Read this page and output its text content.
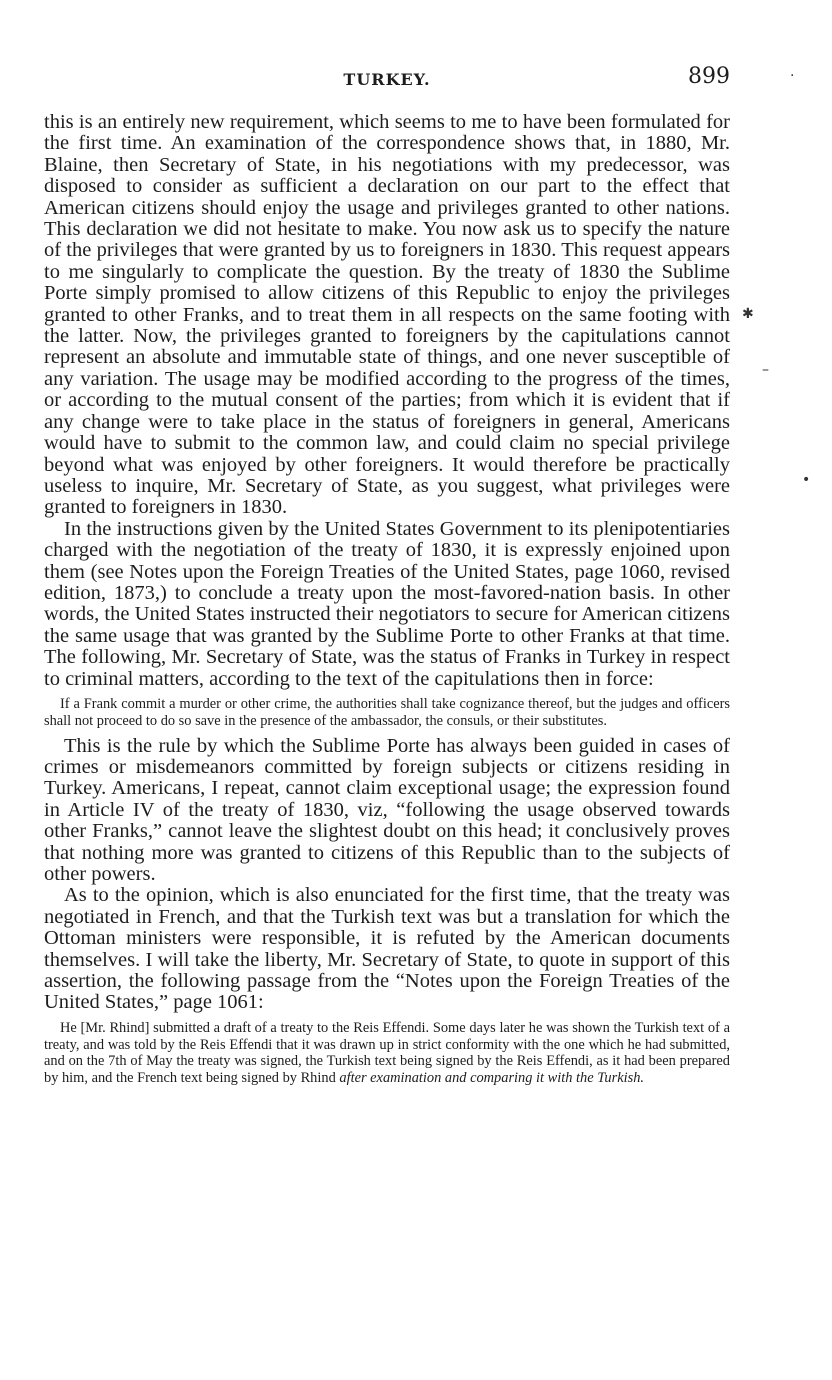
TURKEY.	899

this is an entirely new requirement, which seems to me to have been formulated for the first time. An examination of the correspondence shows that, in 1880, Mr. Blaine, then Secretary of State, in his negotiations with my predecessor, was disposed to consider as sufficient a declaration on our part to the effect that American citizens should enjoy the usage and privileges granted to other nations. This declaration we did not hesitate to make. You now ask us to specify the nature of the privileges that were granted by us to foreigners in 1830. This request appears to me singularly to complicate the question. By the treaty of 1830 the Sublime Porte simply promised to allow citizens of this Republic to enjoy the privileges granted to other Franks, and to treat them in all respects on the same footing with the latter. Now, the privileges granted to foreigners by the capitulations cannot represent an absolute and immutable state of things, and one never susceptible of any variation. The usage may be modified according to the progress of the times, or according to the mutual consent of the parties; from which it is evident that if any change were to take place in the status of foreigners in general, Americans would have to submit to the common law, and could claim no special privilege beyond what was enjoyed by other foreigners. It would therefore be practically useless to inquire, Mr. Secretary of State, as you suggest, what privileges were granted to foreigners in 1830.

In the instructions given by the United States Government to its plenipotentiaries charged with the negotiation of the treaty of 1830, it is expressly enjoined upon them (see Notes upon the Foreign Treaties of the United States, page 1060, revised edition, 1873,) to conclude a treaty upon the most-favored-nation basis. In other words, the United States instructed their negotiators to secure for American citizens the same usage that was granted by the Sublime Porte to other Franks at that time. The following, Mr. Secretary of State, was the status of Franks in Turkey in respect to criminal matters, according to the text of the capitulations then in force:

If a Frank commit a murder or other crime, the authorities shall take cognizance thereof, but the judges and officers shall not proceed to do so save in the presence of the ambassador, the consuls, or their substitutes.

This is the rule by which the Sublime Porte has always been guided in cases of crimes or misdemeanors committed by foreign subjects or citizens residing in Turkey. Americans, I repeat, cannot claim exceptional usage; the expression found in Article IV of the treaty of 1830, viz, “following the usage observed towards other Franks,” cannot leave the slightest doubt on this head; it conclusively proves that nothing more was granted to citizens of this Republic than to the subjects of other powers.

As to the opinion, which is also enunciated for the first time, that the treaty was negotiated in French, and that the Turkish text was but a translation for which the Ottoman ministers were responsible, it is refuted by the American documents themselves. I will take the liberty, Mr. Secretary of State, to quote in support of this assertion, the following passage from the “Notes upon the Foreign Treaties of the United States,” page 1061:

He [Mr. Rhind] submitted a draft of a treaty to the Reis Effendi. Some days later he was shown the Turkish text of a treaty, and was told by the Reis Effendi that it was drawn up in strict conformity with the one which he had submitted, and on the 7th of May the treaty was signed, the Turkish text being signed by the Reis Effendi, as it had been prepared by him, and the French text being signed by Rhind after examination and comparing it with the Turkish.

·
✱
–
•
